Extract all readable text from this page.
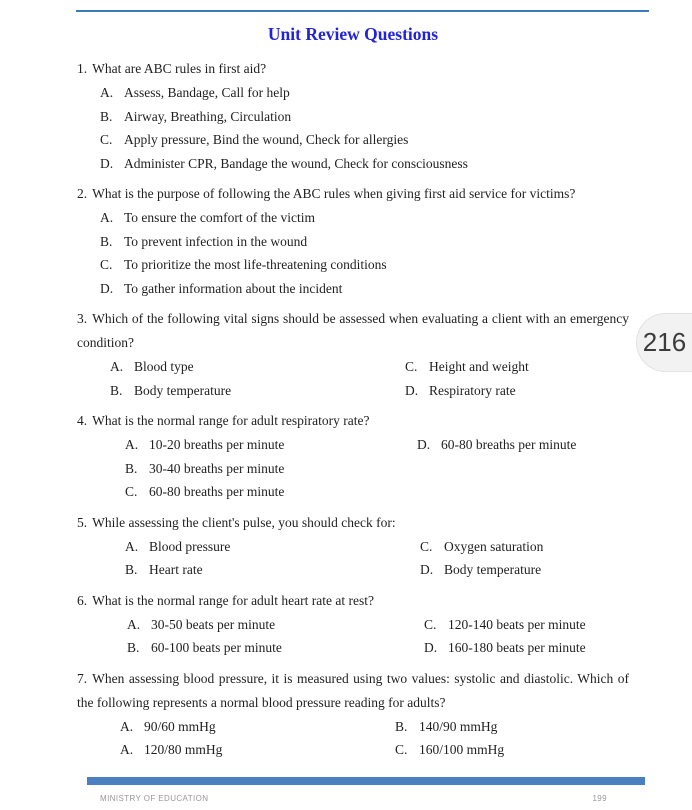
Unit Review Questions

1. What are ABC rules in first aid?

A. Assess, Bandage, Call for help
B. Airway, Breathing, Circulation
C. Apply pressure, Bind the wound, Check for allergies
D. Administer CPR, Bandage the wound, Check for consciousness

2. What is the purpose of following the ABC rules when giving first aid service for victims?

A. To ensure the comfort of the victim
B. To prevent infection in the wound
C. To prioritize the most life-threatening conditions
D. To gather information about the incident

3. Which of the following vital signs should be assessed when evaluating a client with an emergency condition?

A. Blood type	C. Height and weight
B. Body temperature	D. Respiratory rate

4. What is the normal range for adult respiratory rate?

A. 10-20 breaths per minute	D. 60-80 breaths per minute
B. 30-40 breaths per minute
C. 60-80 breaths per minute

5. While assessing the client's pulse, you should check for:

A. Blood pressure	C. Oxygen saturation
B. Heart rate	D. Body temperature

6. What is the normal range for adult heart rate at rest?

A. 30-50 beats per minute	C. 120-140 beats per minute
B. 60-100 beats per minute	D. 160-180 beats per minute

7. When assessing blood pressure, it is measured using two values: systolic and diastolic. Which of the following represents a normal blood pressure reading for adults?

A. 90/60 mmHg	B. 140/90 mmHg
A. 120/80 mmHg	C. 160/100 mmHg
216
MINISTRY OF EDUCATION	199
